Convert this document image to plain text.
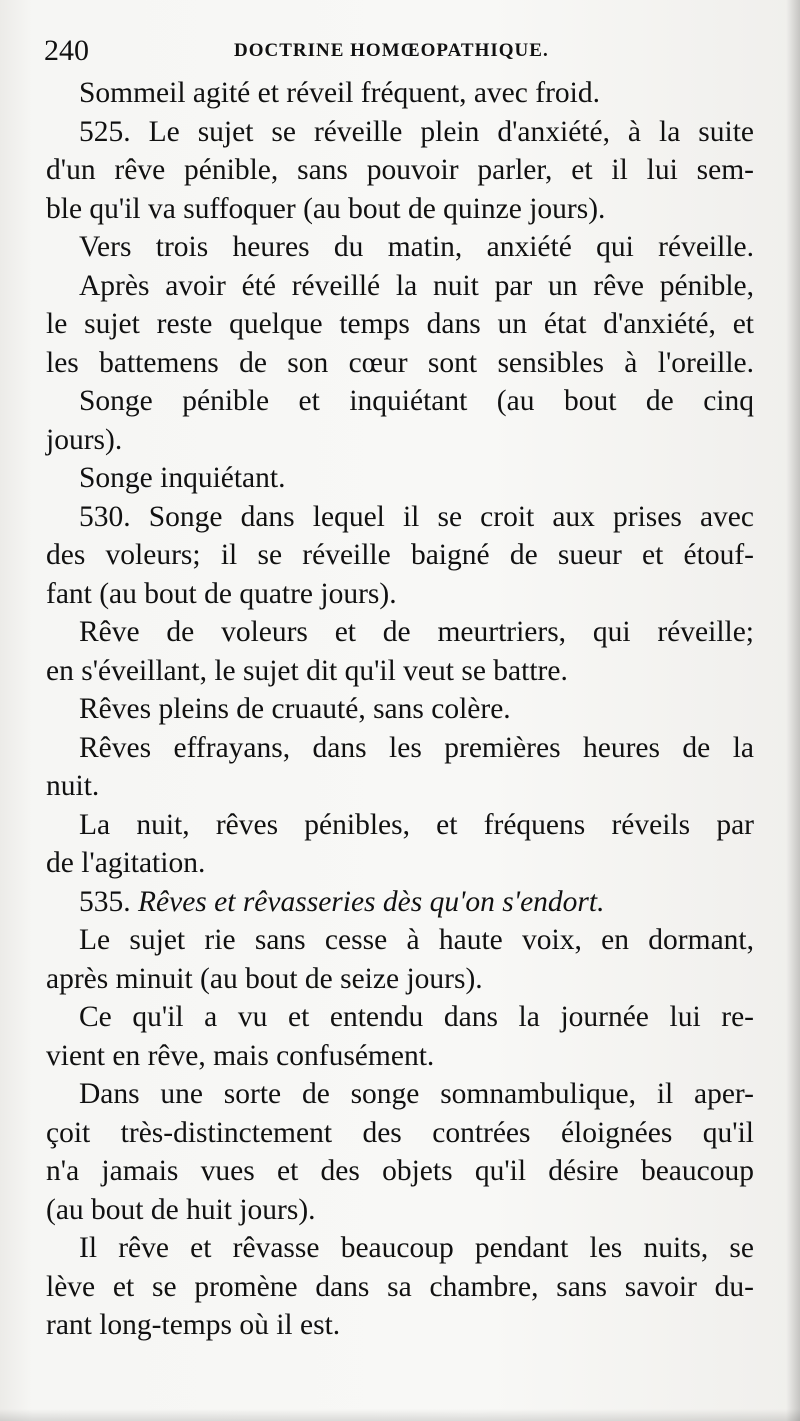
240	DOCTRINE HOMŒOPATHIQUE.
Sommeil agité et réveil fréquent, avec froid.
525. Le sujet se réveille plein d'anxiété, à la suite
d'un rêve pénible, sans pouvoir parler, et il lui sem-
ble qu'il va suffoquer (au bout de quinze jours).
Vers trois heures du matin, anxiété qui réveille.
Après avoir été réveillé la nuit par un rêve pénible,
le sujet reste quelque temps dans un état d'anxiété, et
les battemens de son cœur sont sensibles à l'oreille.
Songe pénible et inquiétant (au bout de cinq
jours).
Songe inquiétant.
530. Songe dans lequel il se croit aux prises avec
des voleurs; il se réveille baigné de sueur et étouf-
fant (au bout de quatre jours).
Rêve de voleurs et de meurtriers, qui réveille;
en s'éveillant, le sujet dit qu'il veut se battre.
Rêves pleins de cruauté, sans colère.
Rêves effrayans, dans les premières heures de la
nuit.
La nuit, rêves pénibles, et fréquens réveils par
de l'agitation.
535. Rêves et rêvasseries dès qu'on s'endort.
Le sujet rie sans cesse à haute voix, en dormant,
après minuit (au bout de seize jours).
Ce qu'il a vu et entendu dans la journée lui re-
vient en rêve, mais confusément.
Dans une sorte de songe somnambulique, il aper-
çoit très-distinctement des contrées éloignées qu'il
n'a jamais vues et des objets qu'il désire beaucoup
(au bout de huit jours).
Il rêve et rêvasse beaucoup pendant les nuits, se
lève et se promène dans sa chambre, sans savoir du-
rant long-temps où il est.
